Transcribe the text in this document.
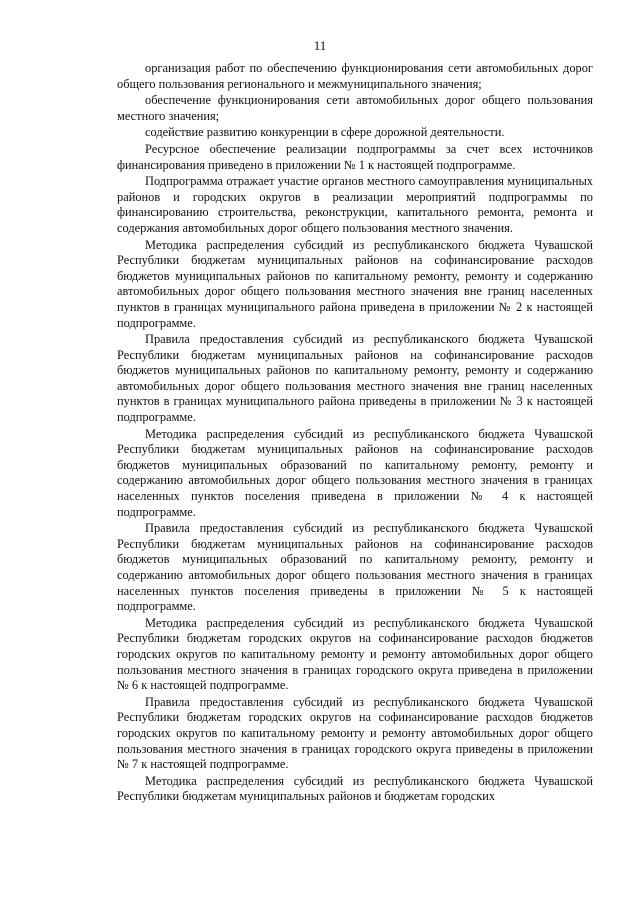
11

организация работ по обеспечению функционирования сети автомобильных дорог общего пользования регионального и межмуниципального значения;

обеспечение функционирования сети автомобильных дорог общего пользования местного значения;

содействие развитию конкуренции в сфере дорожной деятельности.

Ресурсное обеспечение реализации подпрограммы за счет всех источников финансирования приведено в приложении № 1 к настоящей подпрограмме.

Подпрограмма отражает участие органов местного самоуправления муниципальных районов и городских округов в реализации мероприятий подпрограммы по финансированию строительства, реконструкции, капитального ремонта, ремонта и содержания автомобильных дорог общего пользования местного значения.

Методика распределения субсидий из республиканского бюджета Чувашской Республики бюджетам муниципальных районов на софинансирование расходов бюджетов муниципальных районов по капитальному ремонту, ремонту и содержанию автомобильных дорог общего пользования местного значения вне границ населенных пунктов в границах муниципального района приведена в приложении № 2 к настоящей подпрограмме.

Правила предоставления субсидий из республиканского бюджета Чувашской Республики бюджетам муниципальных районов на софинансирование расходов бюджетов муниципальных районов по капитальному ремонту, ремонту и содержанию автомобильных дорог общего пользования местного значения вне границ населенных пунктов в границах муниципального района приведены в приложении № 3 к настоящей подпрограмме.

Методика распределения субсидий из республиканского бюджета Чувашской Республики бюджетам муниципальных районов на софинансирование расходов бюджетов муниципальных образований по капитальному ремонту, ремонту и содержанию автомобильных дорог общего пользования местного значения в границах населенных пунктов поселения приведена в приложении № 4 к настоящей подпрограмме.

Правила предоставления субсидий из республиканского бюджета Чувашской Республики бюджетам муниципальных районов на софинансирование расходов бюджетов муниципальных образований по капитальному ремонту, ремонту и содержанию автомобильных дорог общего пользования местного значения в границах населенных пунктов поселения приведены в приложении № 5 к настоящей подпрограмме.

Методика распределения субсидий из республиканского бюджета Чувашской Республики бюджетам городских округов на софинансирование расходов бюджетов городских округов по капитальному ремонту и ремонту автомобильных дорог общего пользования местного значения в границах городского округа приведена в приложении № 6 к настоящей подпрограмме.

Правила предоставления субсидий из республиканского бюджета Чувашской Республики бюджетам городских округов на софинансирование расходов бюджетов городских округов по капитальному ремонту и ремонту автомобильных дорог общего пользования местного значения в границах городского округа приведены в приложении № 7 к настоящей подпрограмме.

Методика распределения субсидий из республиканского бюджета Чувашской Республики бюджетам муниципальных районов и бюджетам городских
